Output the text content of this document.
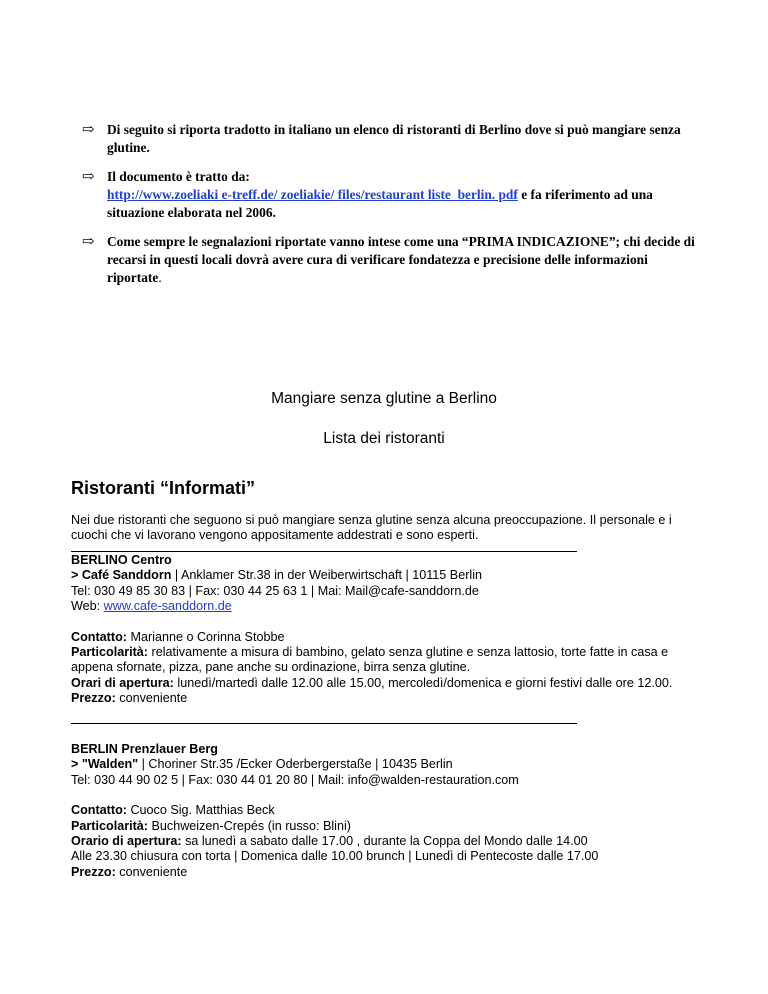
⇨ Di seguito si riporta tradotto in italiano un elenco di ristoranti di Berlino dove si può mangiare senza glutine.
⇨ Il documento è tratto da:
http://www.zoeliaki e-treff.de/ zoeliakie/ files/restaurant liste_berlin. pdf e fa riferimento ad una situazione elaborata nel 2006.
⇨ Come sempre le segnalazioni riportate vanno intese come una “PRIMA INDICAZIONE”; chi decide di recarsi in questi locali dovrà avere cura di verificare fondatezza e precisione delle informazioni riportate.
Mangiare senza glutine a Berlino
Lista dei ristoranti
Ristoranti “Informati”
Nei due ristoranti che seguono si può mangiare senza glutine senza alcuna preoccupazione. Il personale e i cuochi che vi lavorano vengono appositamente addestrati e sono esperti.

BERLINO Centro

> Café Sanddorn | Anklamer Str.38 in der Weiberwirtschaft | 10115 Berlin

Tel: 030 49 85 30 83 | Fax: 030 44 25 63 1 | Mai: Mail@cafe-sanddorn.de

Web: www.cafe-sanddorn.de

Contatto: Marianne o Corinna Stobbe

Particolarità: relativamente a misura di bambino, gelato senza glutine e senza lattosio, torte fatte in casa e appena sfornate, pizza, pane anche su ordinazione, birra senza glutine.

Orari di apertura: lunedì/martedì dalle 12.00 alle 15.00, mercoledì/domenica e giorni festivi dalle ore 12.00.

Prezzo: conveniente

BERLIN Prenzlauer Berg

> "Walden" | Choriner Str.35 /Ecker Oderbergerstaße | 10435 Berlin

Tel: 030 44 90 02 5 | Fax: 030 44 01 20 80 | Mail: info@walden-restauration.com

Contatto: Cuoco Sig. Matthias Beck

Particolarità: Buchweizen-Crepés (in russo: Blini)

Orario di apertura: sa lunedì a sabato dalle 17.00 , durante la Coppa del Mondo dalle 14.00

Alle 23.30 chiusura con torta | Domenica dalle 10.00 brunch | Lunedì di Pentecoste dalle 17.00

Prezzo: conveniente
